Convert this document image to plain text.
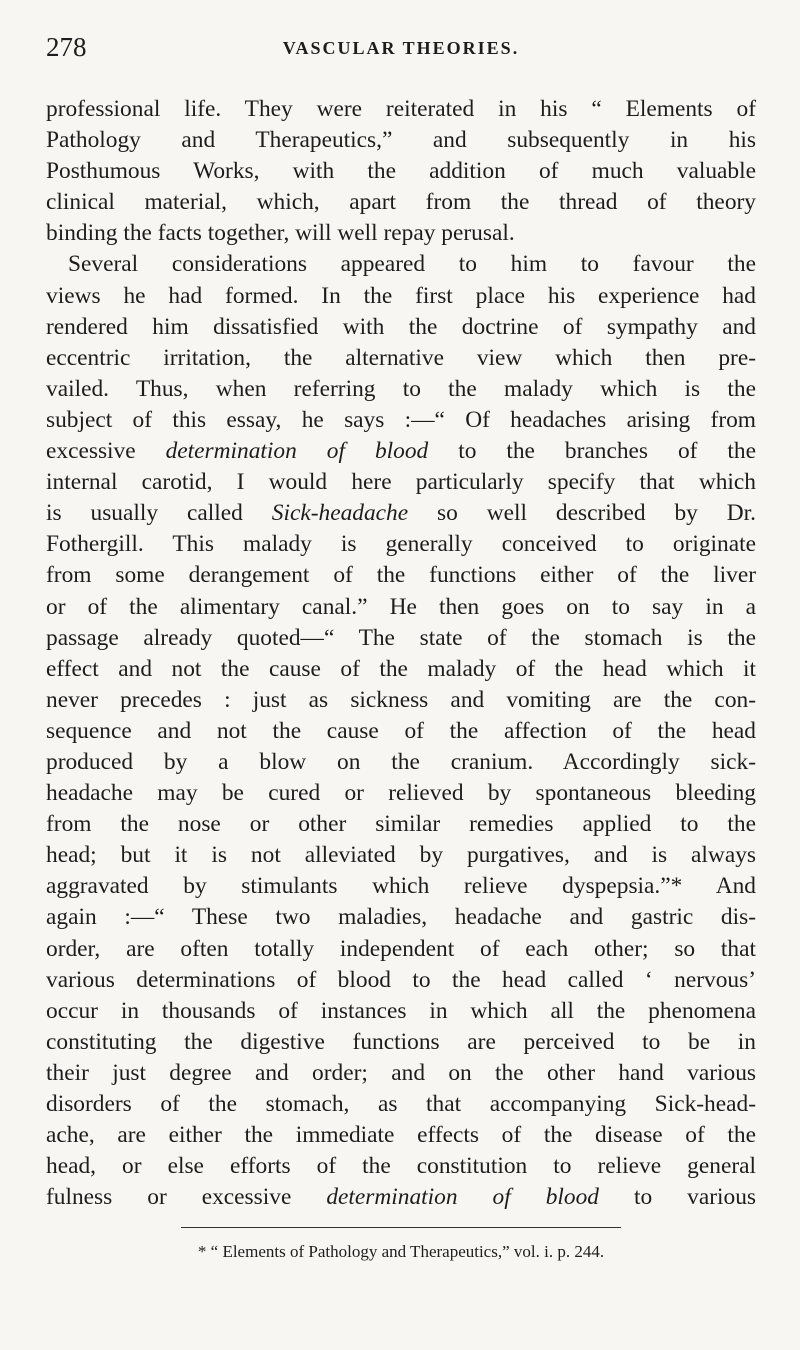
278	VASCULAR THEORIES.
professional life. They were reiterated in his “ Elements of
Pathology and Therapeutics,” and subsequently in his
Posthumous Works, with the addition of much valuable
clinical material, which, apart from the thread of theory
binding the facts together, will well repay perusal.
Several considerations appeared to him to favour the
views he had formed. In the first place his experience had
rendered him dissatisfied with the doctrine of sympathy and
eccentric irritation, the alternative view which then pre-
vailed. Thus, when referring to the malady which is the
subject of this essay, he says :—“ Of headaches arising from
excessive determination of blood to the branches of the
internal carotid, I would here particularly specify that which
is usually called Sick-headache so well described by Dr.
Fothergill. This malady is generally conceived to originate
from some derangement of the functions either of the liver
or of the alimentary canal.” He then goes on to say in a
passage already quoted—“ The state of the stomach is the
effect and not the cause of the malady of the head which it
never precedes : just as sickness and vomiting are the con-
sequence and not the cause of the affection of the head
produced by a blow on the cranium. Accordingly sick-
headache may be cured or relieved by spontaneous bleeding
from the nose or other similar remedies applied to the
head; but it is not alleviated by purgatives, and is always
aggravated by stimulants which relieve dyspepsia.”* And
again :—“ These two maladies, headache and gastric dis-
order, are often totally independent of each other; so that
various determinations of blood to the head called ‘ nervous’
occur in thousands of instances in which all the phenomena
constituting the digestive functions are perceived to be in
their just degree and order; and on the other hand various
disorders of the stomach, as that accompanying Sick-head-
ache, are either the immediate effects of the disease of the
head, or else efforts of the constitution to relieve general
fulness or excessive determination of blood to various
* “ Elements of Pathology and Therapeutics,” vol. i. p. 244.
